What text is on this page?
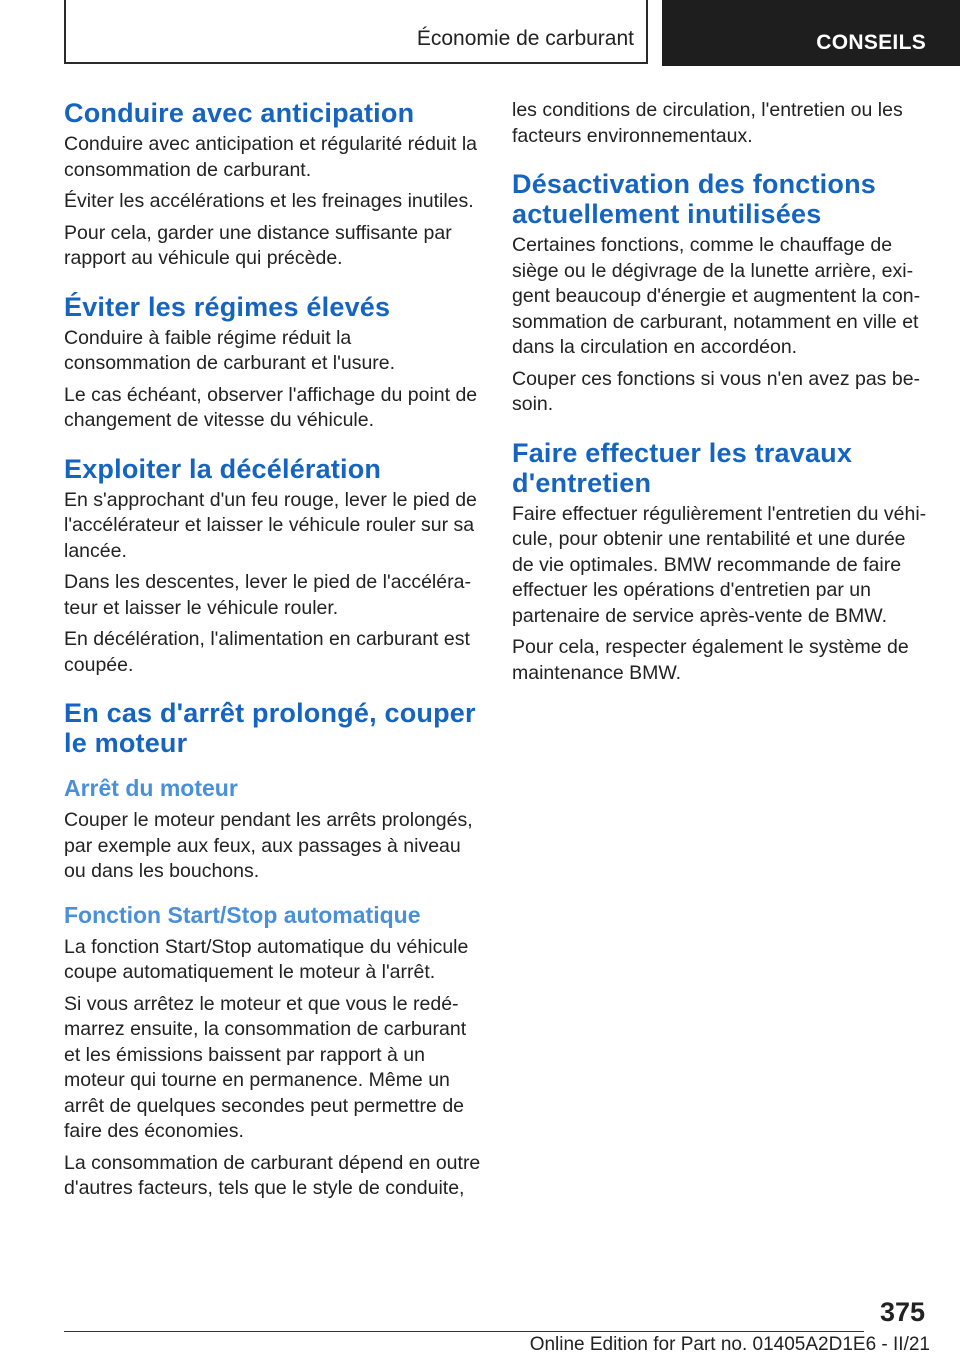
Économie de carburant	CONSEILS
Conduire avec anticipation

Conduire avec anticipation et régularité réduit la consommation de carburant.

Éviter les accélérations et les freinages inutiles.

Pour cela, garder une distance suffisante par rapport au véhicule qui précède.

Éviter les régimes élevés

Conduire à faible régime réduit la consommation de carburant et l'usure.

Le cas échéant, observer l'affichage du point de changement de vitesse du véhicule.

Exploiter la décélération

En s'approchant d'un feu rouge, lever le pied de l'accélérateur et laisser le véhicule rouler sur sa lancée.

Dans les descentes, lever le pied de l'accélérateur et laisser le véhicule rouler.

En décélération, l'alimentation en carburant est coupée.

En cas d'arrêt prolongé, couper le moteur
Arrêt du moteur

Couper le moteur pendant les arrêts prolongés, par exemple aux feux, aux passages à niveau ou dans les bouchons.

Fonction Start/Stop automatique

La fonction Start/Stop automatique du véhicule coupe automatiquement le moteur à l'arrêt.

Si vous arrêtez le moteur et que vous le redémarrez ensuite, la consommation de carburant et les émissions baissent par rapport à un moteur qui tourne en permanence. Même un arrêt de quelques secondes peut permettre de faire des économies.

La consommation de carburant dépend en outre d'autres facteurs, tels que le style de conduite,

les conditions de circulation, l'entretien ou les facteurs environnementaux.

Désactivation des fonctions actuellement inutilisées

Certaines fonctions, comme le chauffage de siège ou le dégivrage de la lunette arrière, exigent beaucoup d'énergie et augmentent la consommation de carburant, notamment en ville et dans la circulation en accordéon.

Couper ces fonctions si vous n'en avez pas besoin.

Faire effectuer les travaux d'entretien

Faire effectuer régulièrement l'entretien du véhicule, pour obtenir une rentabilité et une durée de vie optimales. BMW recommande de faire effectuer les opérations d'entretien par un partenaire de service après-vente de BMW.

Pour cela, respecter également le système de maintenance BMW.

375
Online Edition for Part no. 01405A2D1E6 - II/21
